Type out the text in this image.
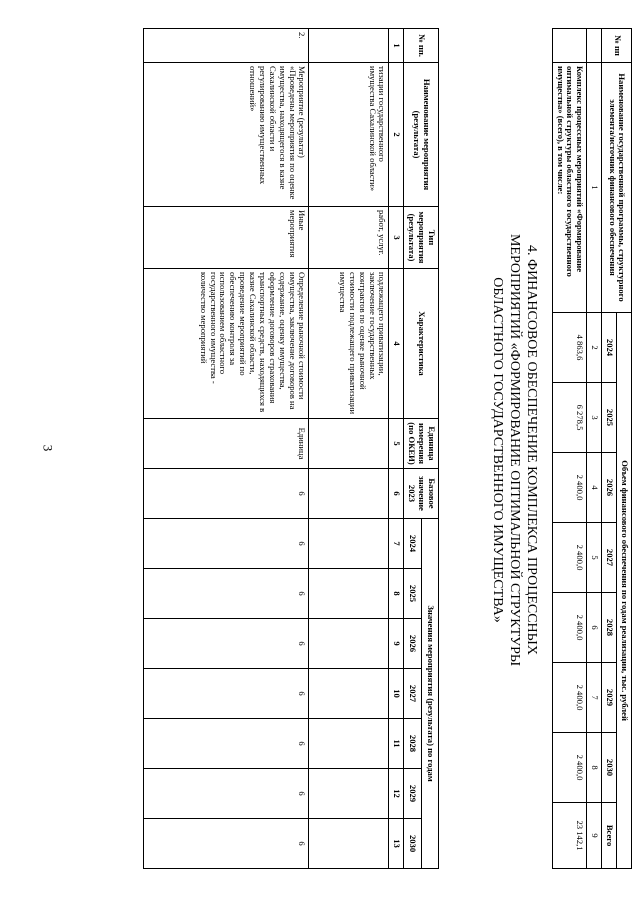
3
№ пп	Наименование государственной программы, структурного элемента/источник финансового обеспечения	Объем финансового обеспечения по годам реализации, тыс. рублей							
		2024	2025	2026	2027	2028	2029	2030	Всего
	1	2	3	4	5	6	7	8	9
	Комплекс процессных мероприятий «Формирование оптимальной структуры областного государственного имущества» (всего), в том числе:	4 863,6	6 278,5	2 400,0	2 400,0	2 400,0	2 400,0	2 400,0	23 142,1
4. ФИНАНСОВОЕ ОБЕСПЕЧЕНИЕ КОМПЛЕКСА ПРОЦЕССНЫХ МЕРОПРИЯТИЙ «ФОРМИРОВАНИЕ ОПТИМАЛЬНОЙ СТРУКТУРЫ ОБЛАСТНОГО ГОСУДАРСТВЕННОГО ИМУЩЕСТВА»
№ пп.	Наименование мероприятия (результата)	Тип мероприятия (результата)	Характеристика	Единица измерения (по ОКЕИ)	Базовое значение 2023	Значения мероприятия (результата) по годам						
						2024	2025	2026	2027	2028	2029	2030
1	2	3	4	5	6	7	8	9	10	11	12	13
	тизации государственного имущества Сахалинской области»	работ, услуг.	подлежащего приватизации, заключение государственных контрактов по оценке рыночной стоимости подлежащего приватизации имущества									
2.	Мероприятие (результат) «Проведены мероприятия по оценке имущества, находящегося в казне Сахалинской области и регулированию имущественных отношений»	Иные мероприятия	Определение рыночной стоимости имущества, заключение договоров на содержание, оценку имущества, оформление договоров страхования транспортных средств, находящихся в казне Сахалинской области, проведение мероприятий по обеспечению контроля за использованием областного государственного имущества - количество мероприятий	Единица	6	6	6	6	6	6	6	6
